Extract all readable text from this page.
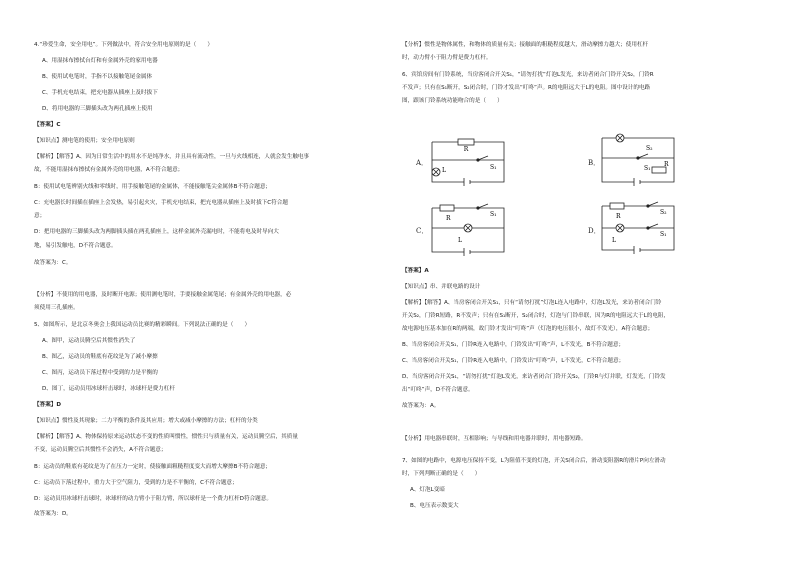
4.“珍爱生命，安全用电”。下列做法中，符合安全用电原则的是（　　）
A、用湿抹布擦拭台灯和有金属外壳的家用电器
B、使用试电笔时，手指不以接触笔尾金属体
C、手机充电结束，把充电器从插座上及时拔下
D、将用电器的三脚插头改为两孔插座上使用
【答案】C
【知识点】测电笔的使用；安全用电原则
【解析】【解答】A、因为日常生活中的用水不是纯净水，并且具有流动性，一旦与火线相连，人就会发生触电事
故，不能用湿抹布擦拭有金属外壳的用电器，A不符合题意；
B：使用试电笔辨别火线和零线时，用手接触笔尾的金属体，不能接触笔尖金属体B不符合题意；
C：充电器长时间插在插座上会发热，易引起火灾，手机充电结束，把充电器从插座上及时拔下C符合题
意；
D：把用电器的三脚插头改为两脚插头插在两孔插座上，这样金属外壳漏电时，不能将电及时导向大
地，易引发触电，D不符合题意。
故答案为：C。
【分析】不使用的用电器，及时断开电源；使用测电笔时，手要接触金属笔尾；有金属外壳的用电器，必
须使用三孔插座。
5、如图所示，是北京冬奥会上我国运动员比赛的精彩瞬间。下列说法正确的是（　　）
A、图甲，运动员腾空后其惯性消失了
B、图乙，运动员的鞋底有花纹是为了减小摩擦
C、图丙，运动员下落过程中受到的力是平衡的
D、图丁，运动员用冰球杆击球时，冰球杆是费力杠杆
【答案】D
【知识点】惯性及其现象；二力平衡的条件及其应用；增大或减小摩擦的方法；杠杆的分类
【解析】【解答】A、物体保持原来运动状态不变的性质叫惯性，惯性只与质量有关，运动员腾空后，其质量
不变，运动员腾空后其惯性不会消失，A不符合题意；
B：运动员的鞋底有花纹是为了在压力一定时，使接触面粗糙程度变大而增大摩擦B不符合题意；
C：运动员下落过程中，重力大于空气阻力，受到的力是不平衡的，C不符合题意；
D：运动员用冰球杆击球时，冰球杆的动力臂小于阻力臂，所以球杆是一个费力杠杆D符合题意。
故答案为：D。
【分析】惯性是物体属性，和物体的质量有关；接触面的粗糙程度越大，滑动摩擦力越大；使用杠杆
时，动力臂小于阻力臂是费力杠杆。
6、宾馆房间有门铃系统，当房客闭合开关S₁，“请勿打扰”灯泡L发光，来访者闭合门铃开关S₂，门铃R
不发声；只有在S₁断开，S₂闭合时，门铃才发出“叮咚”声。R的电阻远大于L的电阻。图中设计的电路
图，跟该门铃系统功能吻合的是（　　）
A．
R
S₁
L
B．
S₂
S₁
R
C．
R
S₁
L
D．
R
S₂
S₁
L
【答案】A
【知识点】串、并联电路的设计
【解析】【解答】A、当房客闭合开关S₁，只有“请勿打扰”灯泡L连入电路中，灯泡L发光，来访者闭合门铃
开关S₂，门铃R短路，R不发声；只有在S₁断开，S₂闭合时，灯泡与门铃串联，因为R的电阻远大于L的电阻，
故电源电压基本加在R的两端，故门铃才发出“叮咚”声（灯泡的电压很小，故灯不发光），A符合题意；
B、当房客闭合开关S₁，门铃R连入电路中，门铃发出“叮咚”声，L不发光，B不符合题意；
C、当房客闭合开关S₁，门铃R连入电路中，门铃发出“叮咚”声，L不发光，C不符合题意；
D、当房客闭合开关S₁，“请勿打扰”灯泡L发光，来访者闭合门铃开关S₂，门铃R与灯并联，灯发光，门铃发
出“叮咚”声，D不符合题意。
故答案为：A。
【分析】用电器串联时，互相影响；与导线和用电器并联时，用电器短路。
7、如图的电路中，电源电压保持不变，L为阻值不变的灯泡，开关S闭合后，滑动变阻器R的滑片P向左滑动
时，下列判断正确的是（　　）
A、灯泡L变暗
B、电压表示数变大
